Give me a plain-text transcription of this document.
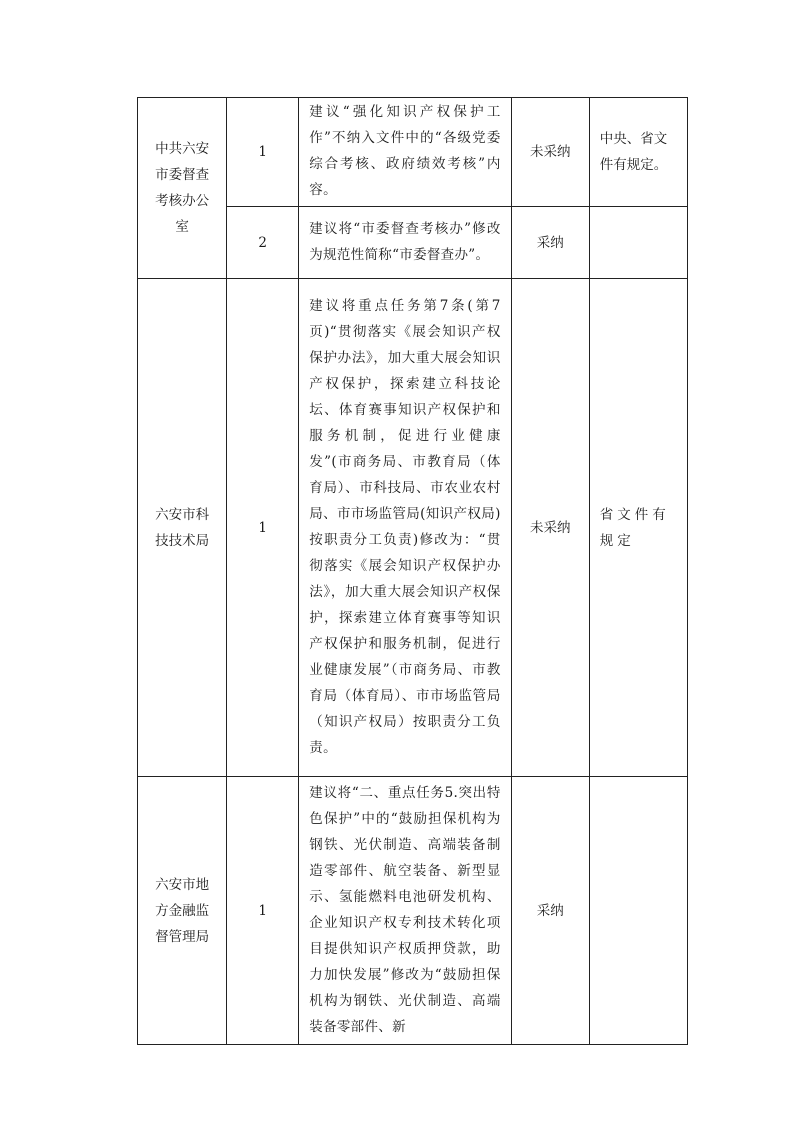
中共六安市委督查考核办公室	1	建议“强化知识产权保护工作”不纳入文件中的“各级党委综合考核、政府绩效考核”内容。	未采纳	中央、省文件有规定。

	2	建议将“市委督查考核办”修改为规范性简称“市委督查办”。	采纳	

六安市科技技术局	1	建议将重点任务第7条(第7页)“贯彻落实《展会知识产权保护办法》，加大重大展会知识产权保护，探索建立科技论坛、体育赛事知识产权保护和服务机制，促进行业健康发”(市商务局、市教育局（体育局）、市科技局、市农业农村局、市市场监管局(知识产权局)按职责分工负责)修改为：“贯彻落实《展会知识产权保护办法》，加大重大展会知识产权保护，探索建立体育赛事等知识产权保护和服务机制，促进行业健康发展”（市商务局、市教育局（体育局）、市市场监管局（知识产权局）按职责分工负责。	未采纳	省文件有规定

六安市地方金融监督管理局	1	建议将“二、重点任务5.突出特色保护”中的“鼓励担保机构为钢铁、光伏制造、高端装备制造零部件、航空装备、新型显示、氢能燃料电池研发机构、企业知识产权专利技术转化项目提供知识产权质押贷款，助力加快发展”修改为“鼓励担保机构为钢铁、光伏制造、高端装备零部件、新	采纳	
